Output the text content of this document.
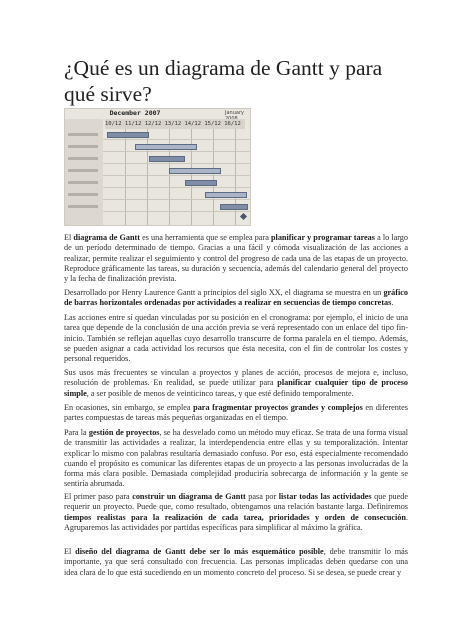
¿Qué es un diagrama de Gantt y para qué sirve?
December 2007	January
10/12 11/12 12/12 13/12 14/12 15/12 16/12

El diagrama de Gantt es una herramienta que se emplea para planificar y programar tareas a lo largo de un período determinado de tiempo. Gracias a una fácil y cómoda visualización de las acciones a realizar, permite realizar el seguimiento y control del progreso de cada una de las etapas de un proyecto. Reproduce gráficamente las tareas, su duración y secuencia, además del calendario general del proyecto y la fecha de finalización prevista.

Desarrollado por Henry Laurence Gantt a principios del siglo XX, el diagrama se muestra en un gráfico de barras horizontales ordenadas por actividades a realizar en secuencias de tiempo concretas.

Las acciones entre sí quedan vinculadas por su posición en el cronograma: por ejemplo, el inicio de una tarea que depende de la conclusión de una acción previa se verá representado con un enlace del tipo fin-inicio. También se reflejan aquellas cuyo desarrollo transcurre de forma paralela en el tiempo. Además, se pueden asignar a cada actividad los recursos que ésta necesita, con el fin de controlar los costes y personal requeridos.

Sus usos más frecuentes se vinculan a proyectos y planes de acción, procesos de mejora e, incluso, resolución de problemas. En realidad, se puede utilizar para planificar cualquier tipo de proceso simple, a ser posible de menos de veinticinco tareas, y que esté definido temporalmente.

En ocasiones, sin embargo, se emplea para fragmentar proyectos grandes y complejos en diferentes partes compuestas de tareas más pequeñas organizadas en el tiempo.

Para la gestión de proyectos, se ha desvelado como un método muy eficaz. Se trata de una forma visual de transmitir las actividades a realizar, la interdependencia entre ellas y su temporalización. Intentar explicar lo mismo con palabras resultaría demasiado confuso. Por eso, está especialmente recomendado cuando el propósito es comunicar las diferentes etapas de un proyecto a las personas involucradas de la forma más clara posible. Demasiada complejidad produciría sobrecarga de información y la gente se sentiría abrumada.

El primer paso para construir un diagrama de Gantt pasa por listar todas las actividades que puede requerir un proyecto. Puede que, como resultado, obtengamos una relación bastante larga. Definiremos tiempos realistas para la realización de cada tarea, prioridades y orden de consecución. Agruparemos las actividades por partidas específicas para simplificar al máximo la gráfica.

El diseño del diagrama de Gantt debe ser lo más esquemático posible, debe transmitir lo más importante, ya que será consultado con frecuencia. Las personas implicadas deben quedarse con una idea clara de lo que está sucediendo en un momento concreto del proceso. Si se desea, se puede crear y
